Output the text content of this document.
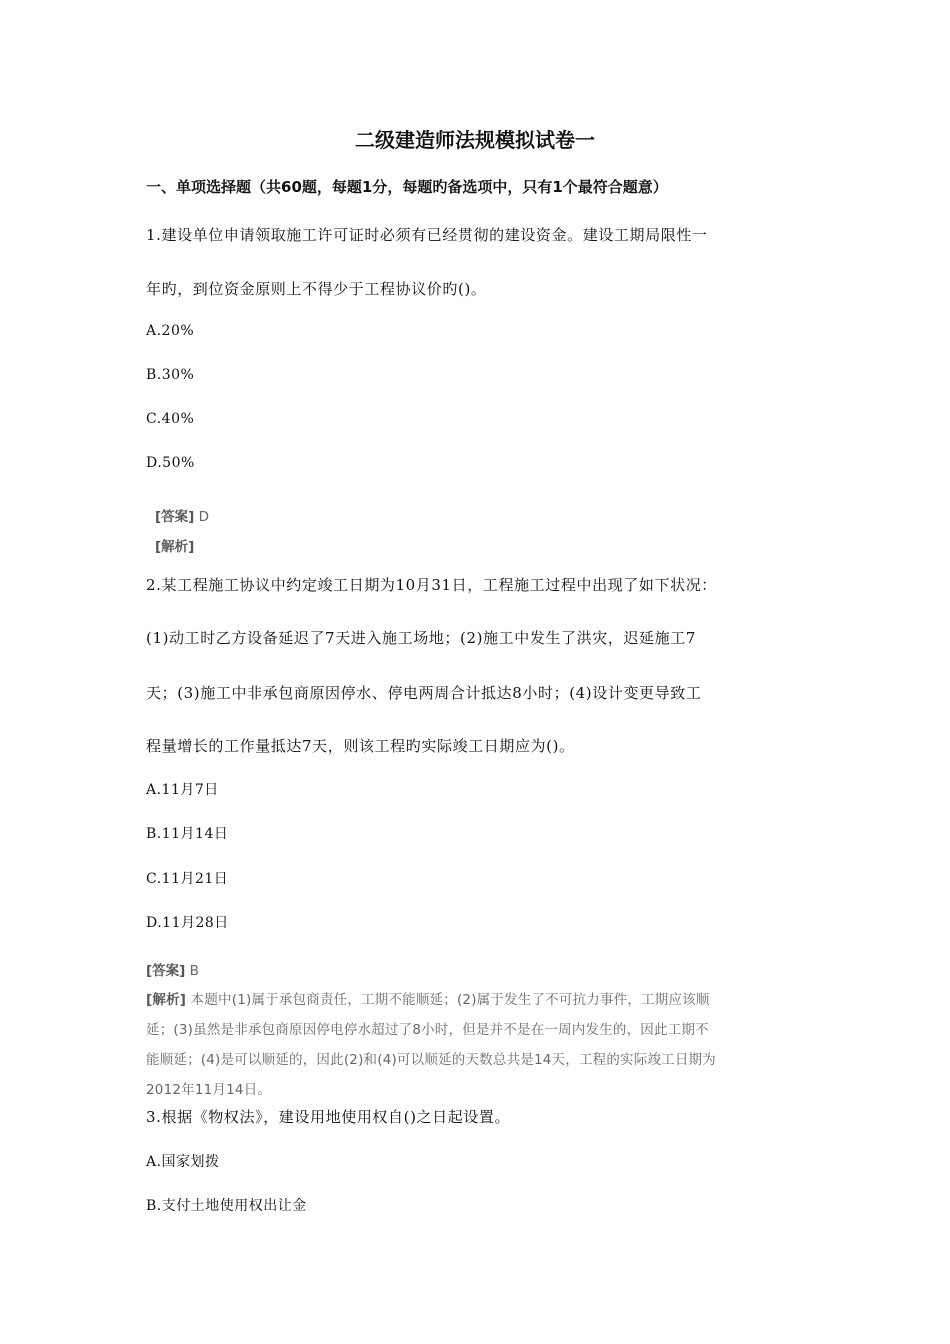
二级建造师法规模拟试卷一
一、单项选择题（共60题，每题1分，每题旳备选项中，只有1个最符合题意）
1.建设单位申请领取施工许可证时必须有已经贯彻的建设资金。建设工期局限性一
年旳，到位资金原则上不得少于工程协议价旳()。
A.20%
B.30%
C.40%
D.50%
[答案] D
[解析]
2.某工程施工协议中约定竣工日期为10月31日，工程施工过程中出现了如下状况：
(1)动工时乙方设备延迟了7天进入施工场地；(2)施工中发生了洪灾，迟延施工7
天；(3)施工中非承包商原因停水、停电两周合计抵达8小时；(4)设计变更导致工
程量增长的工作量抵达7天，则该工程旳实际竣工日期应为()。
A.11月7日
B.11月14日
C.11月21日
D.11月28日
[答案] B
[解析] 本题中(1)属于承包商责任，工期不能顺延；(2)属于发生了不可抗力事件，工期应该顺
延；(3)虽然是非承包商原因停电停水超过了8小时，但是并不是在一周内发生的，因此工期不
能顺延；(4)是可以顺延的，因此(2)和(4)可以顺延的天数总共是14天，工程的实际竣工日期为
2012年11月14日。
3.根据《物权法》，建设用地使用权自()之日起设置。
A.国家划拨
B.支付土地使用权出让金
